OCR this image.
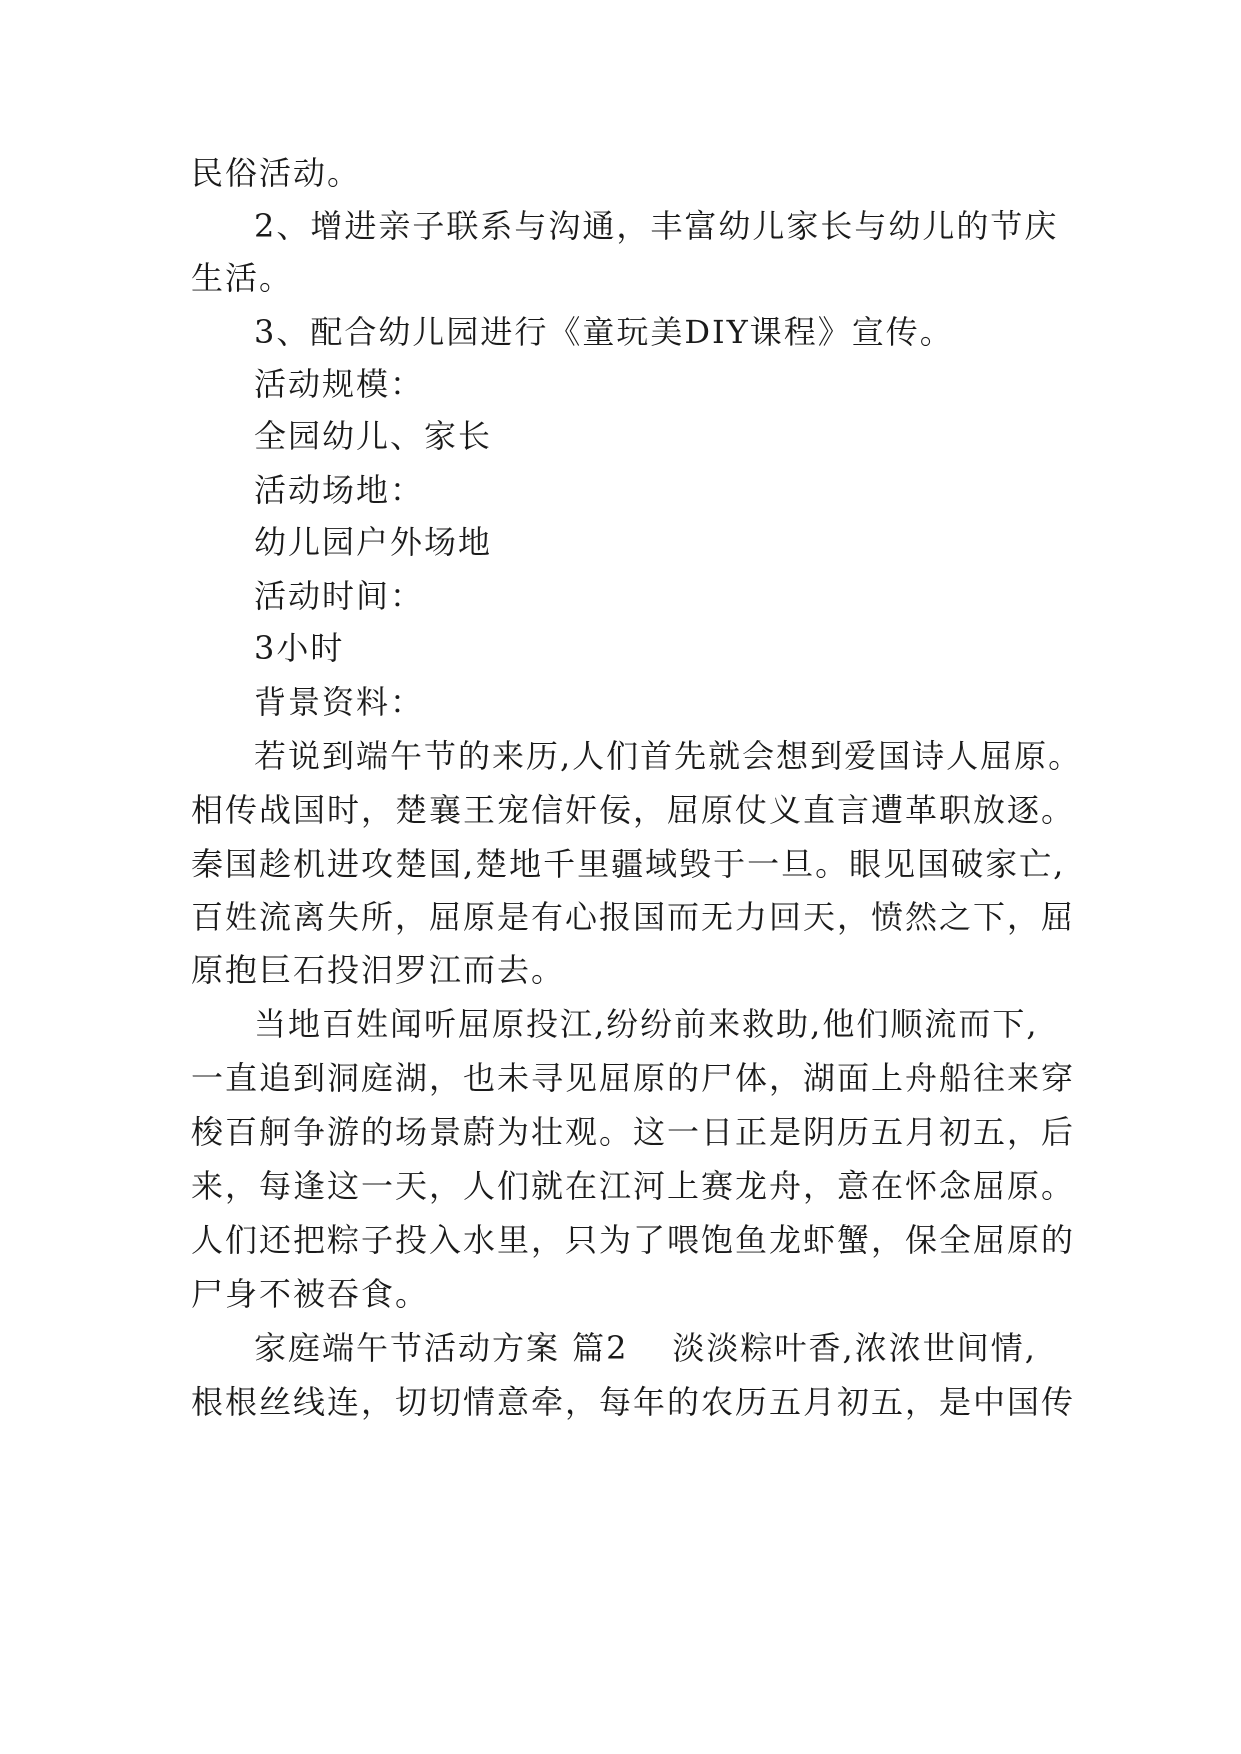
民俗活动。
2、增进亲子联系与沟通，丰富幼儿家长与幼儿的节庆
生活。
3、配合幼儿园进行《童玩美DIY课程》宣传。
活动规模：
全园幼儿、家长
活动场地：
幼儿园户外场地
活动时间：
3小时
背景资料：
若说到端午节的来历,人们首先就会想到爱国诗人屈原。
相传战国时，楚襄王宠信奸佞，屈原仗义直言遭革职放逐。
秦国趁机进攻楚国,楚地千里疆域毁于一旦。眼见国破家亡,
百姓流离失所，屈原是有心报国而无力回天，愤然之下，屈
原抱巨石投汨罗江而去。
当地百姓闻听屈原投江,纷纷前来救助,他们顺流而下,
一直追到洞庭湖，也未寻见屈原的尸体，湖面上舟船往来穿
梭百舸争游的场景蔚为壮观。这一日正是阴历五月初五，后
来，每逢这一天，人们就在江河上赛龙舟，意在怀念屈原。
人们还把粽子投入水里，只为了喂饱鱼龙虾蟹，保全屈原的
尸身不被吞食。
家庭端午节活动方案 篇2 淡淡粽叶香,浓浓世间情,
根根丝线连，切切情意牵，每年的农历五月初五，是中国传
